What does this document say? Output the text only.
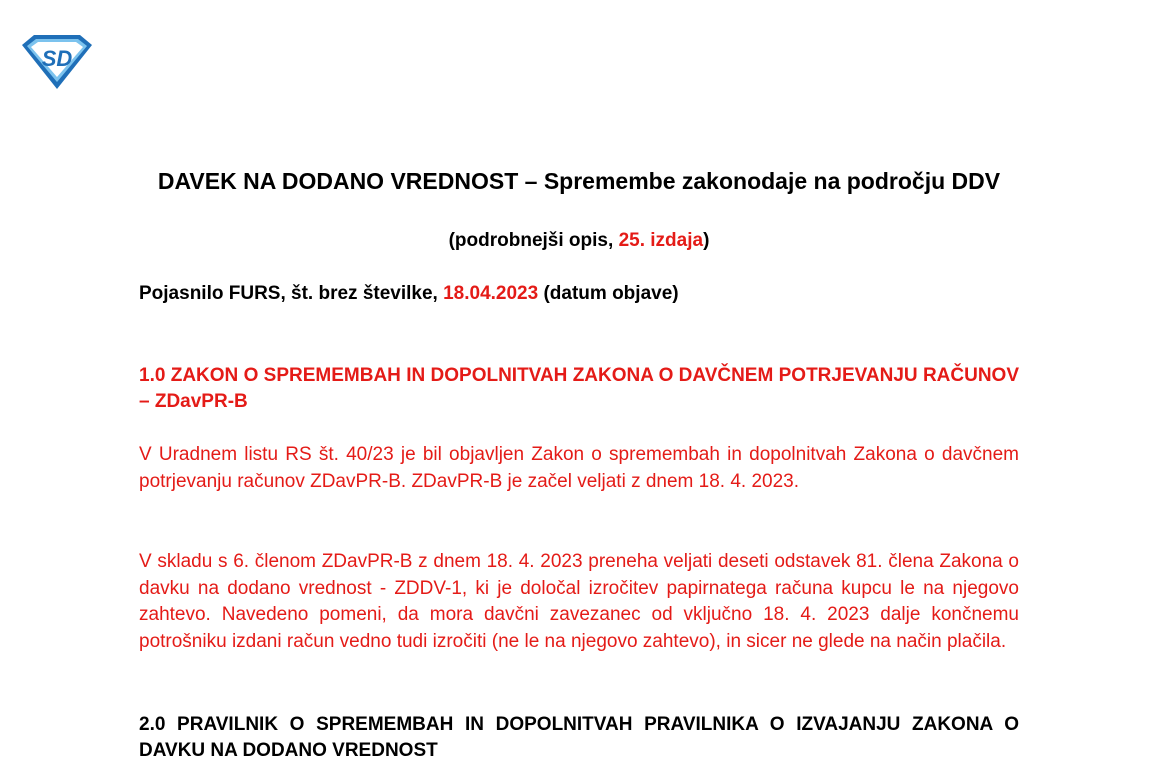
SD
DAVEK NA DODANO VREDNOST – Spremembe zakonodaje na področju DDV
(podrobnejši opis, 25. izdaja)
Pojasnilo FURS, št. brez številke, 18.04.2023 (datum objave)
1.0 ZAKON O SPREMEMBAH IN DOPOLNITVAH ZAKONA O DAVČNEM POTRJEVANJU RAČUNOV – ZDavPR-B
V Uradnem listu RS št. 40/23 je bil objavljen Zakon o spremembah in dopolnitvah Zakona o davčnem potrjevanju računov ZDavPR-B. ZDavPR-B je začel veljati z dnem 18. 4. 2023.
V skladu s 6. členom ZDavPR-B z dnem 18. 4. 2023 preneha veljati deseti odstavek 81. člena Zakona o davku na dodano vrednost - ZDDV-1, ki je določal izročitev papirnatega računa kupcu le na njegovo zahtevo. Navedeno pomeni, da mora davčni zavezanec od vključno 18. 4. 2023 dalje končnemu potrošniku izdani račun vedno tudi izročiti (ne le na njegovo zahtevo), in sicer ne glede na način plačila.
2.0 PRAVILNIK O SPREMEMBAH IN DOPOLNITVAH PRAVILNIKA O IZVAJANJU ZAKONA O DAVKU NA DODANO VREDNOST
